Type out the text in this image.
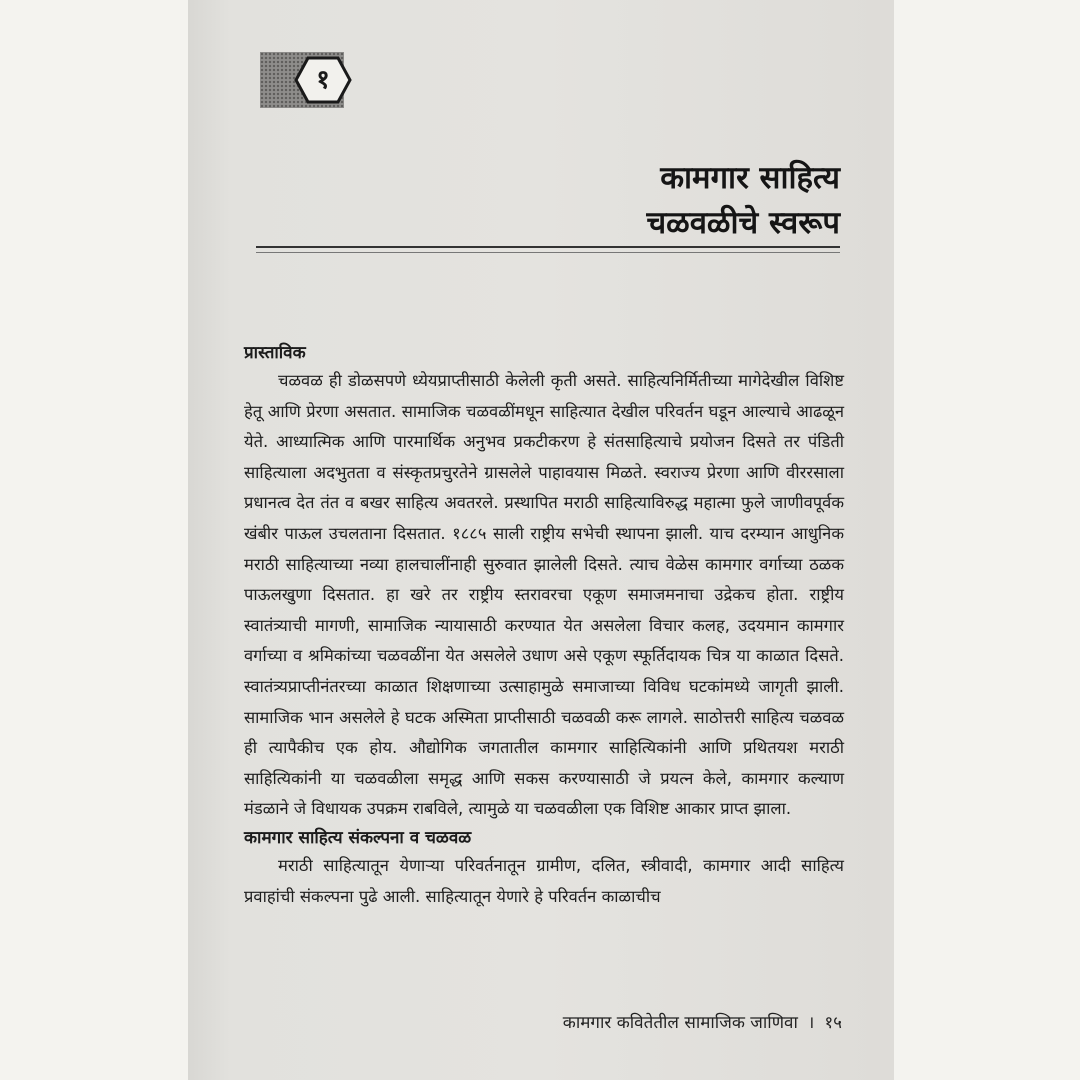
१
कामगार साहित्य
चळवळीचे स्वरूप

प्रास्ताविक

चळवळ ही डोळसपणे ध्येयप्राप्तीसाठी केलेली कृती असते. साहित्यनिर्मितीच्या मागेदेखील विशिष्ट हेतू आणि प्रेरणा असतात. सामाजिक चळवळींमधून साहित्यात देखील परिवर्तन घडून आल्याचे आढळून येते. आध्यात्मिक आणि पारमार्थिक अनुभव प्रकटीकरण हे संतसाहित्याचे प्रयोजन दिसते तर पंडिती साहित्याला अदभुतता व संस्कृतप्रचुरतेने ग्रासलेले पाहावयास मिळते. स्वराज्य प्रेरणा आणि वीररसाला प्रधानत्व देत तंत व बखर साहित्य अवतरले. प्रस्थापित मराठी साहित्याविरुद्ध महात्मा फुले जाणीवपूर्वक खंबीर पाऊल उचलताना दिसतात. १८८५ साली राष्ट्रीय सभेची स्थापना झाली. याच दरम्यान आधुनिक मराठी साहित्याच्या नव्या हालचालींनाही सुरुवात झालेली दिसते. त्याच वेळेस कामगार वर्गाच्या ठळक पाऊलखुणा दिसतात. हा खरे तर राष्ट्रीय स्तरावरचा एकूण समाजमनाचा उद्रेकच होता. राष्ट्रीय स्वातंत्र्याची मागणी, सामाजिक न्यायासाठी करण्यात येत असलेला विचार कलह, उदयमान कामगार वर्गाच्या व श्रमिकांच्या चळवळींना येत असलेले उधाण असे एकूण स्फूर्तिदायक चित्र या काळात दिसते. स्वातंत्र्यप्राप्तीनंतरच्या काळात शिक्षणाच्या उत्साहामुळे समाजाच्या विविध घटकांमध्ये जागृती झाली. सामाजिक भान असलेले हे घटक अस्मिता प्राप्तीसाठी चळवळी करू लागले. साठोत्तरी साहित्य चळवळ ही त्यापैकीच एक होय. औद्योगिक जगतातील कामगार साहित्यिकांनी आणि प्रथितयश मराठी साहित्यिकांनी या चळवळीला समृद्ध आणि सकस करण्यासाठी जे प्रयत्न केले, कामगार कल्याण मंडळाने जे विधायक उपक्रम राबविले, त्यामुळे या चळवळीला एक विशिष्ट आकार प्राप्त झाला.

कामगार साहित्य संकल्पना व चळवळ

मराठी साहित्यातून येणाऱ्या परिवर्तनातून ग्रामीण, दलित, स्त्रीवादी, कामगार आदी साहित्य प्रवाहांची संकल्पना पुढे आली. साहित्यातून येणारे हे परिवर्तन काळाचीच

कामगार कवितेतील सामाजिक जाणिवा । १५
